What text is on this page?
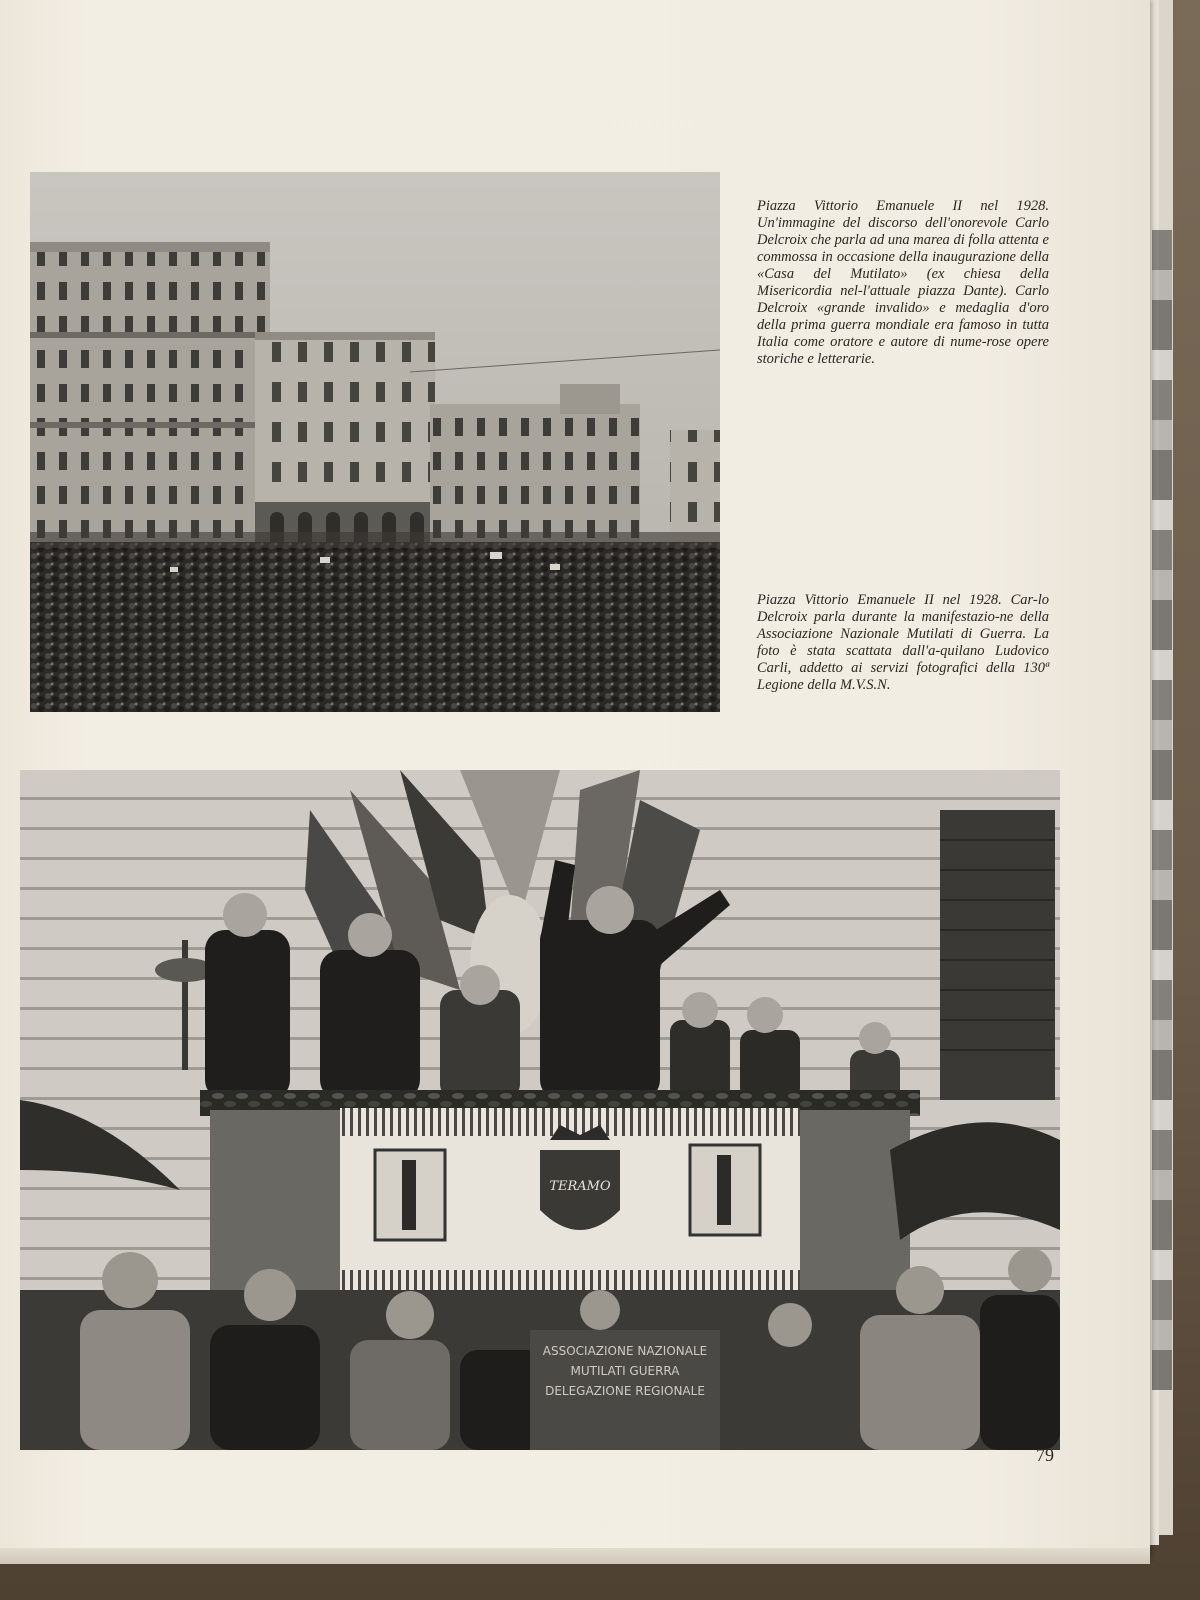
Piazza Vittorio Emanuele II nel 1928. Un'immagine del discorso dell'onorevole Carlo Delcroix che parla ad una marea di folla attenta e commossa in occasione della inaugurazione della «Casa del Mutilato» (ex chiesa della Misericordia nel-l'attuale piazza Dante). Carlo Delcroix «grande invalido» e medaglia d'oro della prima guerra mondiale era famoso in tutta Italia come oratore e autore di nume-rose opere storiche e letterarie.
Piazza Vittorio Emanuele II nel 1928. Car-lo Delcroix parla durante la manifestazio-ne della Associazione Nazionale Mutilati di Guerra. La foto è stata scattata dall'a-quilano Ludovico Carli, addetto ai servizi fotografici della 130ª Legione della M.V.S.N.
TERAMO
ASSOCIAZIONE NAZIONALE
MUTILATI GUERRA
DELEGAZIONE REGIONALE
79
